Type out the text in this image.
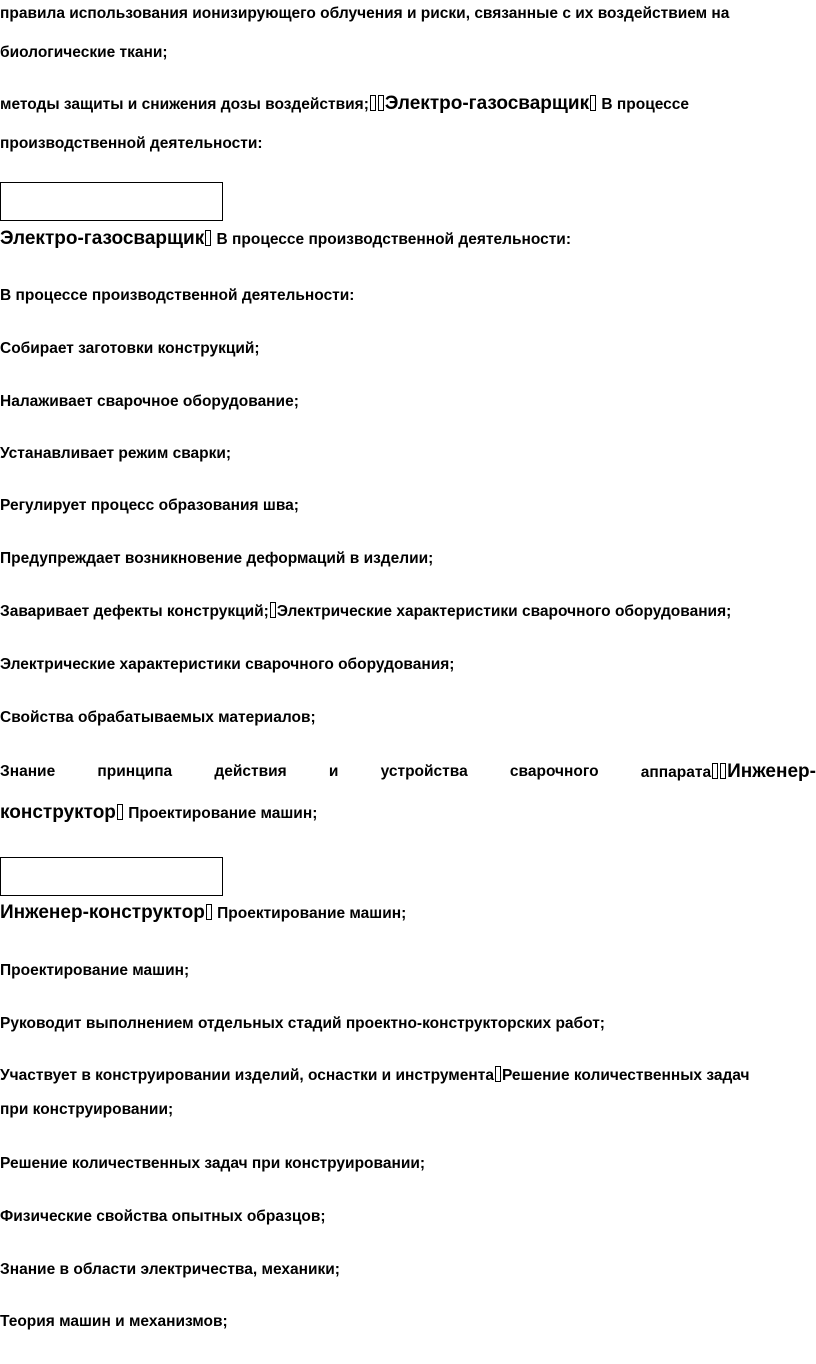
правила использования ионизирующего облучения и риски, связанные с их воздействием на
биологические ткани;
методы защиты и снижения дозы воздействия; Электро-газосварщик В процессе
производственной деятельности:
Электро-газосварщик В процессе производственной деятельности:
В процессе производственной деятельности:
Собирает заготовки конструкций;
Налаживает сварочное оборудование;
Устанавливает режим сварки;
Регулирует процесс образования шва;
Предупреждает возникновение деформаций в изделии;
Заваривает дефекты конструкций; Электрические характеристики сварочного оборудования;
Электрические характеристики сварочного оборудования;
Свойства обрабатываемых материалов;
Знание	принципа	действия	и	устройства	сварочного	аппарата Инженер-
конструктор Проектирование машин;
Инженер-конструктор Проектирование машин;
Проектирование машин;
Руководит выполнением отдельных стадий проектно-конструкторских работ;
Участвует в конструировании изделий, оснастки и инструмента Решение количественных задач
при конструировании;
Решение количественных задач при конструировании;
Физические свойства опытных образцов;
Знание в области электричества, механики;
Теория машин и механизмов;
